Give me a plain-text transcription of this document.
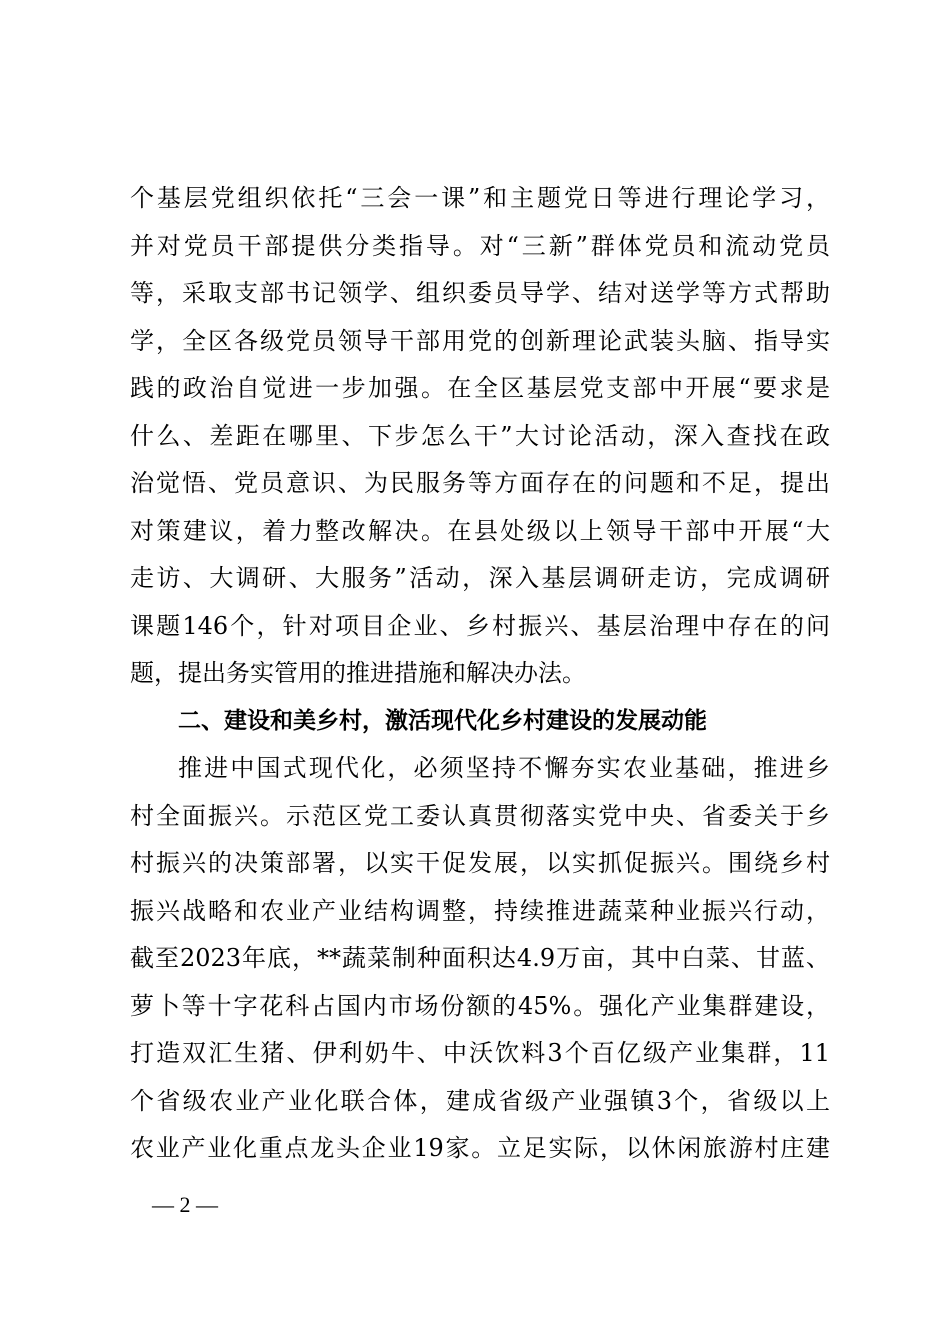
个基层党组织依托“三会一课”和主题党日等进行理论学习，
并对党员干部提供分类指导。对“三新”群体党员和流动党员
等，采取支部书记领学、组织委员导学、结对送学等方式帮助
学，全区各级党员领导干部用党的创新理论武装头脑、指导实
践的政治自觉进一步加强。在全区基层党支部中开展“要求是
什么、差距在哪里、下步怎么干”大讨论活动，深入查找在政
治觉悟、党员意识、为民服务等方面存在的问题和不足，提出
对策建议，着力整改解决。在县处级以上领导干部中开展“大
走访、大调研、大服务”活动，深入基层调研走访，完成调研
课题146个，针对项目企业、乡村振兴、基层治理中存在的问
题，提出务实管用的推进措施和解决办法。
二、建设和美乡村，激活现代化乡村建设的发展动能
推进中国式现代化，必须坚持不懈夯实农业基础，推进乡
村全面振兴。示范区党工委认真贯彻落实党中央、省委关于乡
村振兴的决策部署，以实干促发展，以实抓促振兴。围绕乡村
振兴战略和农业产业结构调整，持续推进蔬菜种业振兴行动，
截至2023年底，**蔬菜制种面积达4.9万亩，其中白菜、甘蓝、
萝卜等十字花科占国内市场份额的45%。强化产业集群建设，
打造双汇生猪、伊利奶牛、中沃饮料3个百亿级产业集群，11
个省级农业产业化联合体，建成省级产业强镇3个，省级以上
农业产业化重点龙头企业19家。立足实际，以休闲旅游村庄建
— 2 —
